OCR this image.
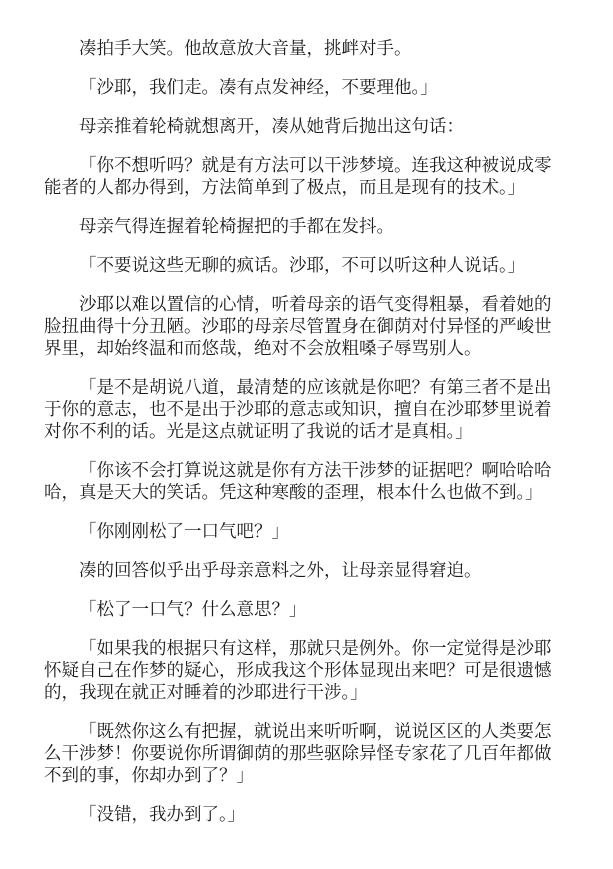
凑拍手大笑。他故意放大音量，挑衅对手。

「沙耶，我们走。凑有点发神经，不要理他。」

母亲推着轮椅就想离开，凑从她背后抛出这句话：

「你不想听吗？就是有方法可以干涉梦境。连我这种被说成零能者的人都办得到，方法简单到了极点，而且是现有的技术。」

母亲气得连握着轮椅握把的手都在发抖。

「不要说这些无聊的疯话。沙耶，不可以听这种人说话。」

沙耶以难以置信的心情，听着母亲的语气变得粗暴，看着她的脸扭曲得十分丑陋。沙耶的母亲尽管置身在御荫对付异怪的严峻世界里，却始终温和而悠哉，绝对不会放粗嗓子辱骂别人。

「是不是胡说八道，最清楚的应该就是你吧？有第三者不是出于你的意志，也不是出于沙耶的意志或知识，擅自在沙耶梦里说着对你不利的话。光是这点就证明了我说的话才是真相。」

「你该不会打算说这就是你有方法干涉梦的证据吧？啊哈哈哈哈，真是天大的笑话。凭这种寒酸的歪理，根本什么也做不到。」

「你刚刚松了一口气吧？」

凑的回答似乎出乎母亲意料之外，让母亲显得窘迫。

「松了一口气？什么意思？」

「如果我的根据只有这样，那就只是例外。你一定觉得是沙耶怀疑自己在作梦的疑心，形成我这个形体显现出来吧？可是很遗憾的，我现在就正对睡着的沙耶进行干涉。」

「既然你这么有把握，就说出来听听啊，说说区区的人类要怎么干涉梦！你要说你所谓御荫的那些驱除异怪专家花了几百年都做不到的事，你却办到了？」

「没错，我办到了。」
